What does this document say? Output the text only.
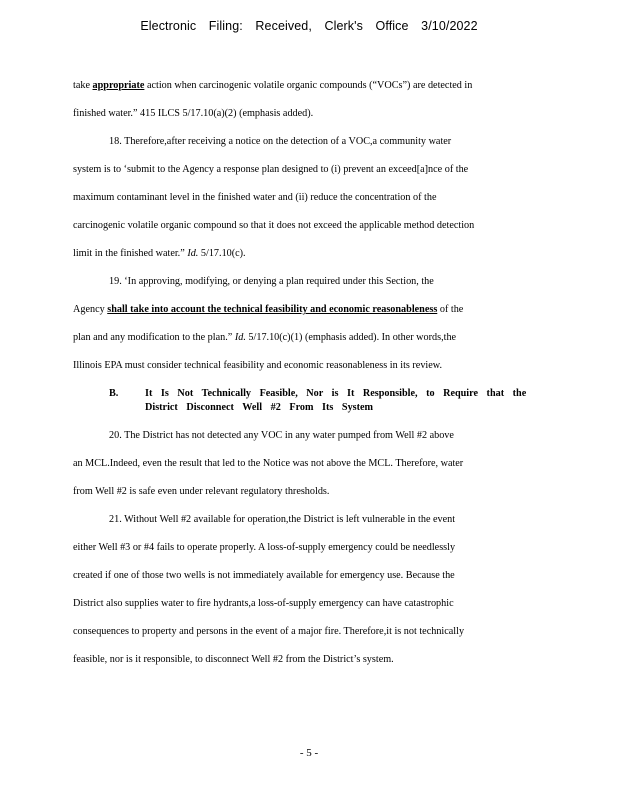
Electronic Filing: Received, Clerk's Office 3/10/2022
take appropriate action when carcinogenic volatile organic compounds (“VOCs”) are detected in
finished water.” 415 ILCS 5/17.10(a)(2) (emphasis added).
18. Therefore,after receiving a notice on the detection of a VOC,a community water
system is to ‘submit to the Agency a response plan designed to (i) prevent an exceed[a]nce of the
maximum contaminant level in the finished water and (ii) reduce the concentration of the
carcinogenic volatile organic compound so that it does not exceed the applicable method detection
limit in the finished water.” Id. 5/17.10(c).
19. ‘In approving, modifying, or denying a plan required under this Section, the
Agency shall take into account the technical feasibility and economic reasonableness of the
plan and any modification to the plan.” Id. 5/17.10(c)(1) (emphasis added). In other words,the
Illinois EPA must consider technical feasibility and economic reasonableness in its review.
B.	It Is Not Technically Feasible, Nor is It Responsible, to Require that the
District Disconnect Well #2 From Its System
20. The District has not detected any VOC in any water pumped from Well #2 above
an MCL.Indeed, even the result that led to the Notice was not above the MCL. Therefore, water
from Well #2 is safe even under relevant regulatory thresholds.
21. Without Well #2 available for operation,the District is left vulnerable in the event
either Well #3 or #4 fails to operate properly. A loss-of-supply emergency could be needlessly
created if one of those two wells is not immediately available for emergency use. Because the
District also supplies water to fire hydrants,a loss-of-supply emergency can have catastrophic
consequences to property and persons in the event of a major fire. Therefore,it is not technically
feasible, nor is it responsible, to disconnect Well #2 from the District’s system.
- 5 -
